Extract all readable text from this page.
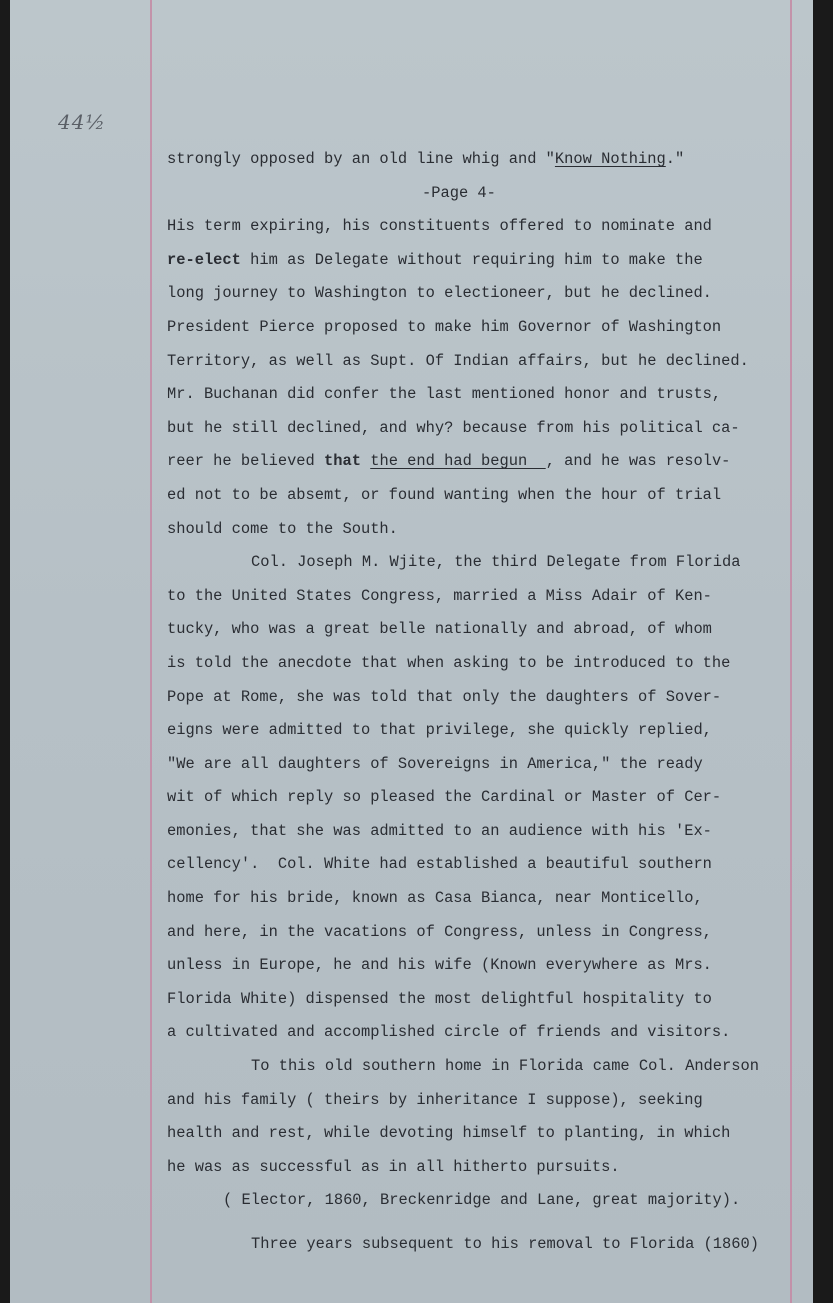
44½
strongly opposed by an old line whig and "Know Nothing."
-Page 4-
His term expiring, his constituents offered to nominate and
re-elect him as Delegate without requiring him to make the
long journey to Washington to electioneer, but he declined.
President Pierce proposed to make him Governor of Washington
Territory, as well as Supt. Of Indian affairs, but he declined.
Mr. Buchanan did confer the last mentioned honor and trusts,
but he still declined, and why? because from his political ca-
reer he believed that the end had begun  , and he was resolv-
ed not to be absemt, or found wanting when the hour of trial
should come to the South.
Col. Joseph M. Wjite, the third Delegate from Florida
to the United States Congress, married a Miss Adair of Ken-
tucky, who was a great belle nationally and abroad, of whom
is told the anecdote that when asking to be introduced to the
Pope at Rome, she was told that only the daughters of Sover-
eigns were admitted to that privilege, she quickly replied,
"We are all daughters of Sovereigns in America," the ready
wit of which reply so pleased the Cardinal or Master of Cer-
emonies, that she was admitted to an audience with his 'Ex-
cellency'.  Col. White had established a beautiful southern
home for his bride, known as Casa Bianca, near Monticello,
and here, in the vacations of Congress, unless in Congress,
unless in Europe, he and his wife (Known everywhere as Mrs.
Florida White) dispensed the most delightful hospitality to
a cultivated and accomplished circle of friends and visitors.
To this old southern home in Florida came Col. Anderson
and his family ( theirs by inheritance I suppose), seeking
health and rest, while devoting himself to planting, in which
he was as successful as in all hitherto pursuits.
( Elector, 1860, Breckenridge and Lane, great majority).
Three years subsequent to his removal to Florida (1860)
